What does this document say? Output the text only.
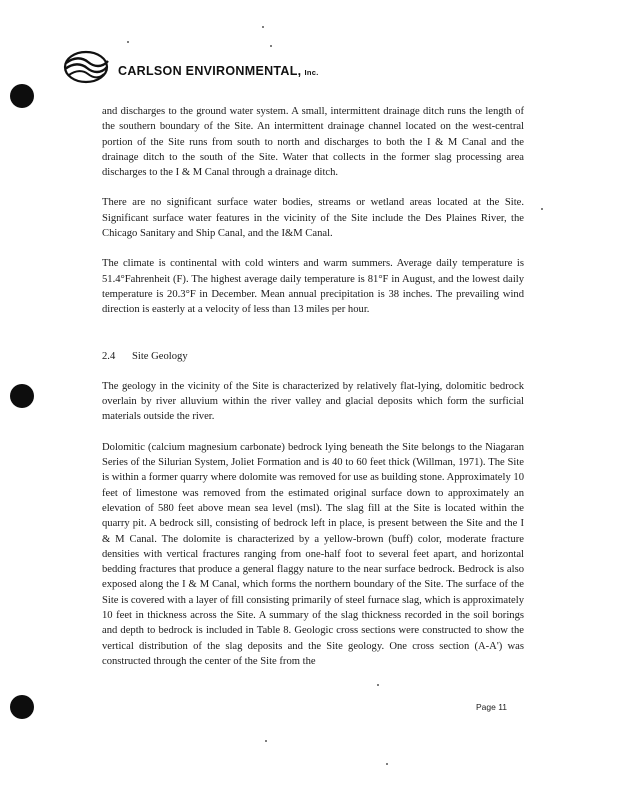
CARLSON ENVIRONMENTAL, Inc.

and discharges to the ground water system. A small, intermittent drainage ditch runs the length of the southern boundary of the Site. An intermittent drainage channel located on the west-central portion of the Site runs from south to north and discharges to both the I & M Canal and the drainage ditch to the south of the Site. Water that collects in the former slag processing area discharges to the I & M Canal through a drainage ditch.

There are no significant surface water bodies, streams or wetland areas located at the Site. Significant surface water features in the vicinity of the Site include the Des Plaines River, the Chicago Sanitary and Ship Canal, and the I&M Canal.

The climate is continental with cold winters and warm summers. Average daily temperature is 51.4°Fahrenheit (F). The highest average daily temperature is 81°F in August, and the lowest daily temperature is 20.3°F in December. Mean annual precipitation is 38 inches. The prevailing wind direction is easterly at a velocity of less than 13 miles per hour.

2.4	Site Geology

The geology in the vicinity of the Site is characterized by relatively flat-lying, dolomitic bedrock overlain by river alluvium within the river valley and glacial deposits which form the surficial materials outside the river.

Dolomitic (calcium magnesium carbonate) bedrock lying beneath the Site belongs to the Niagaran Series of the Silurian System, Joliet Formation and is 40 to 60 feet thick (Willman, 1971). The Site is within a former quarry where dolomite was removed for use as building stone. Approximately 10 feet of limestone was removed from the estimated original surface down to approximately an elevation of 580 feet above mean sea level (msl). The slag fill at the Site is located within the quarry pit. A bedrock sill, consisting of bedrock left in place, is present between the Site and the I & M Canal. The dolomite is characterized by a yellow-brown (buff) color, moderate fracture densities with vertical fractures ranging from one-half foot to several feet apart, and horizontal bedding fractures that produce a general flaggy nature to the near surface bedrock. Bedrock is also exposed along the I & M Canal, which forms the northern boundary of the Site. The surface of the Site is covered with a layer of fill consisting primarily of steel furnace slag, which is approximately 10 feet in thickness across the Site. A summary of the slag thickness recorded in the soil borings and depth to bedrock is included in Table 8. Geologic cross sections were constructed to show the vertical distribution of the slag deposits and the Site geology. One cross section (A-A') was constructed through the center of the Site from the

Page 11
